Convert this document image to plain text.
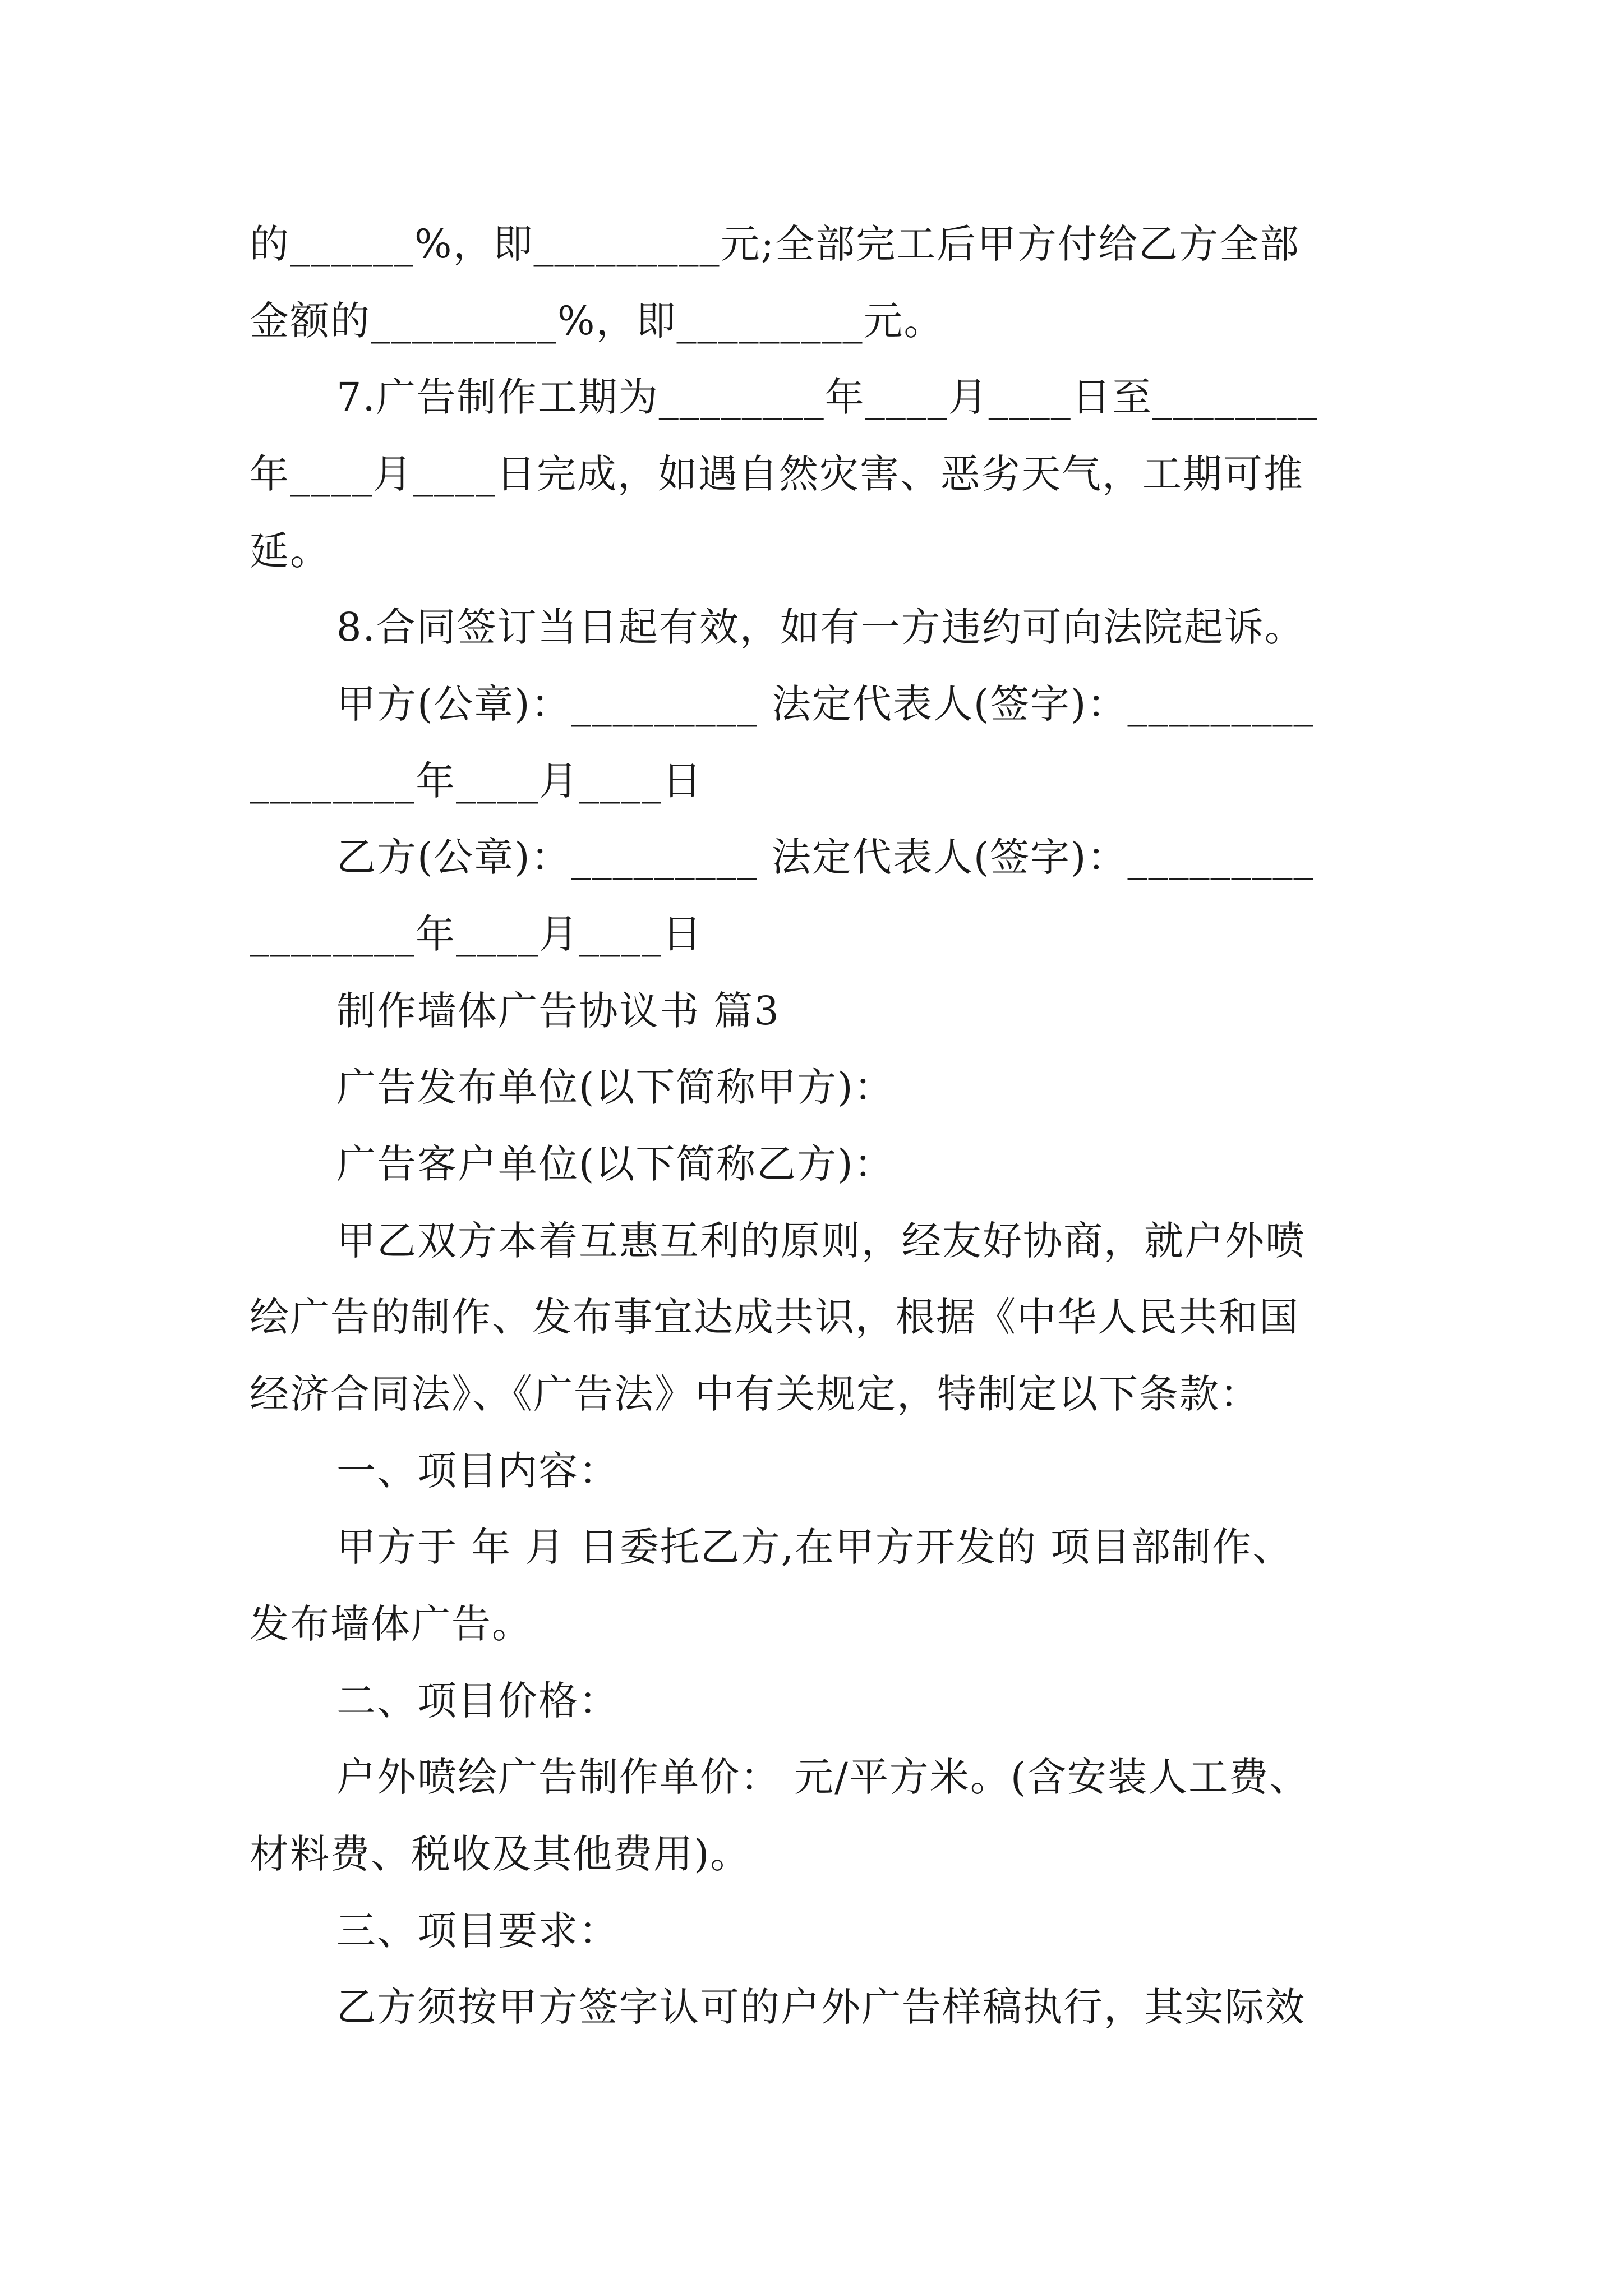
的______%，即_________元;全部完工后甲方付给乙方全部
金额的_________%，即_________元。
7.广告制作工期为________年____月____日至________
年____月____日完成，如遇自然灾害、恶劣天气，工期可推
延。
8.合同签订当日起有效，如有一方违约可向法院起诉。
甲方(公章)：_________ 法定代表人(签字)：_________
________年____月____日
乙方(公章)：_________ 法定代表人(签字)：_________
________年____月____日
制作墙体广告协议书 篇3
广告发布单位(以下简称甲方)：
广告客户单位(以下简称乙方)：
甲乙双方本着互惠互利的原则，经友好协商，就户外喷
绘广告的制作、发布事宜达成共识，根据《中华人民共和国
经济合同法》、《广告法》中有关规定，特制定以下条款：
一、项目内容：
甲方于 年 月 日委托乙方,在甲方开发的 项目部制作、
发布墙体广告。
二、项目价格：
户外喷绘广告制作单价： 元/平方米。(含安装人工费、
材料费、税收及其他费用)。
三、项目要求：
乙方须按甲方签字认可的户外广告样稿执行，其实际效
